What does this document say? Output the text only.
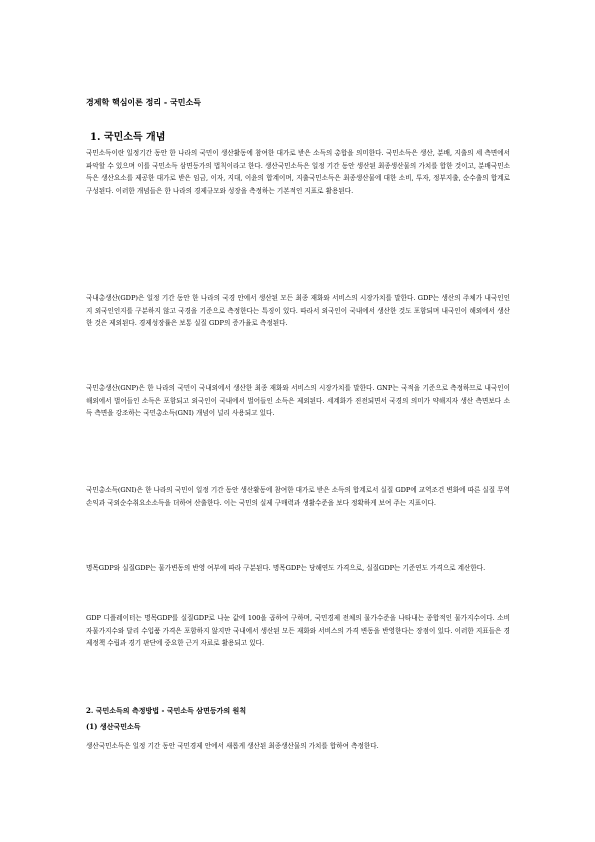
경제학 핵심이론 정리 - 국민소득
1. 국민소득 개념
국민소득이란 일정기간 동안 한 나라의 국민이 생산활동에 참여한 대가로 받은 소득의 총합을 의미한다. 국민소득은 생산, 분배, 지출의 세 측면에서 파악할 수 있으며 이를 국민소득 삼면등가의 법칙이라고 한다. 생산국민소득은 일정 기간 동안 생산된 최종생산물의 가치를 합한 것이고, 분배국민소득은 생산요소를 제공한 대가로 받은 임금, 이자, 지대, 이윤의 합계이며, 지출국민소득은 최종생산물에 대한 소비, 투자, 정부지출, 순수출의 합계로 구성된다. 이러한 개념들은 한 나라의 경제규모와 성장을 측정하는 기본적인 지표로 활용된다.
국내총생산(GDP)은 일정 기간 동안 한 나라의 국경 안에서 생산된 모든 최종 재화와 서비스의 시장가치를 말한다. GDP는 생산의 주체가 내국인인지 외국인인지를 구분하지 않고 국경을 기준으로 측정한다는 특징이 있다. 따라서 외국인이 국내에서 생산한 것도 포함되며 내국인이 해외에서 생산한 것은 제외된다. 경제성장률은 보통 실질 GDP의 증가율로 측정된다.
국민총생산(GNP)은 한 나라의 국민이 국내외에서 생산한 최종 재화와 서비스의 시장가치를 말한다. GNP는 국적을 기준으로 측정하므로 내국인이 해외에서 벌어들인 소득은 포함되고 외국인이 국내에서 벌어들인 소득은 제외된다. 세계화가 진전되면서 국경의 의미가 약해지자 생산 측면보다 소득 측면을 강조하는 국민총소득(GNI) 개념이 널리 사용되고 있다.
국민총소득(GNI)은 한 나라의 국민이 일정 기간 동안 생산활동에 참여한 대가로 받은 소득의 합계로서 실질 GDP에 교역조건 변화에 따른 실질 무역손익과 국외순수취요소소득을 더하여 산출한다. 이는 국민의 실제 구매력과 생활수준을 보다 정확하게 보여 주는 지표이다.
명목GDP와 실질GDP는 물가변동의 반영 여부에 따라 구분된다. 명목GDP는 당해연도 가격으로, 실질GDP는 기준연도 가격으로 계산한다.
GDP 디플레이터는 명목GDP를 실질GDP로 나눈 값에 100을 곱하여 구하며, 국민경제 전체의 물가수준을 나타내는 종합적인 물가지수이다. 소비자물가지수와 달리 수입품 가격은 포함하지 않지만 국내에서 생산된 모든 재화와 서비스의 가격 변동을 반영한다는 장점이 있다. 이러한 지표들은 경제정책 수립과 경기 판단에 중요한 근거 자료로 활용되고 있다.
2. 국민소득의 측정방법 - 국민소득 삼면등가의 원칙
(1) 생산국민소득
생산국민소득은 일정 기간 동안 국민경제 안에서 새롭게 생산된 최종생산물의 가치를 합하여 측정한다.
